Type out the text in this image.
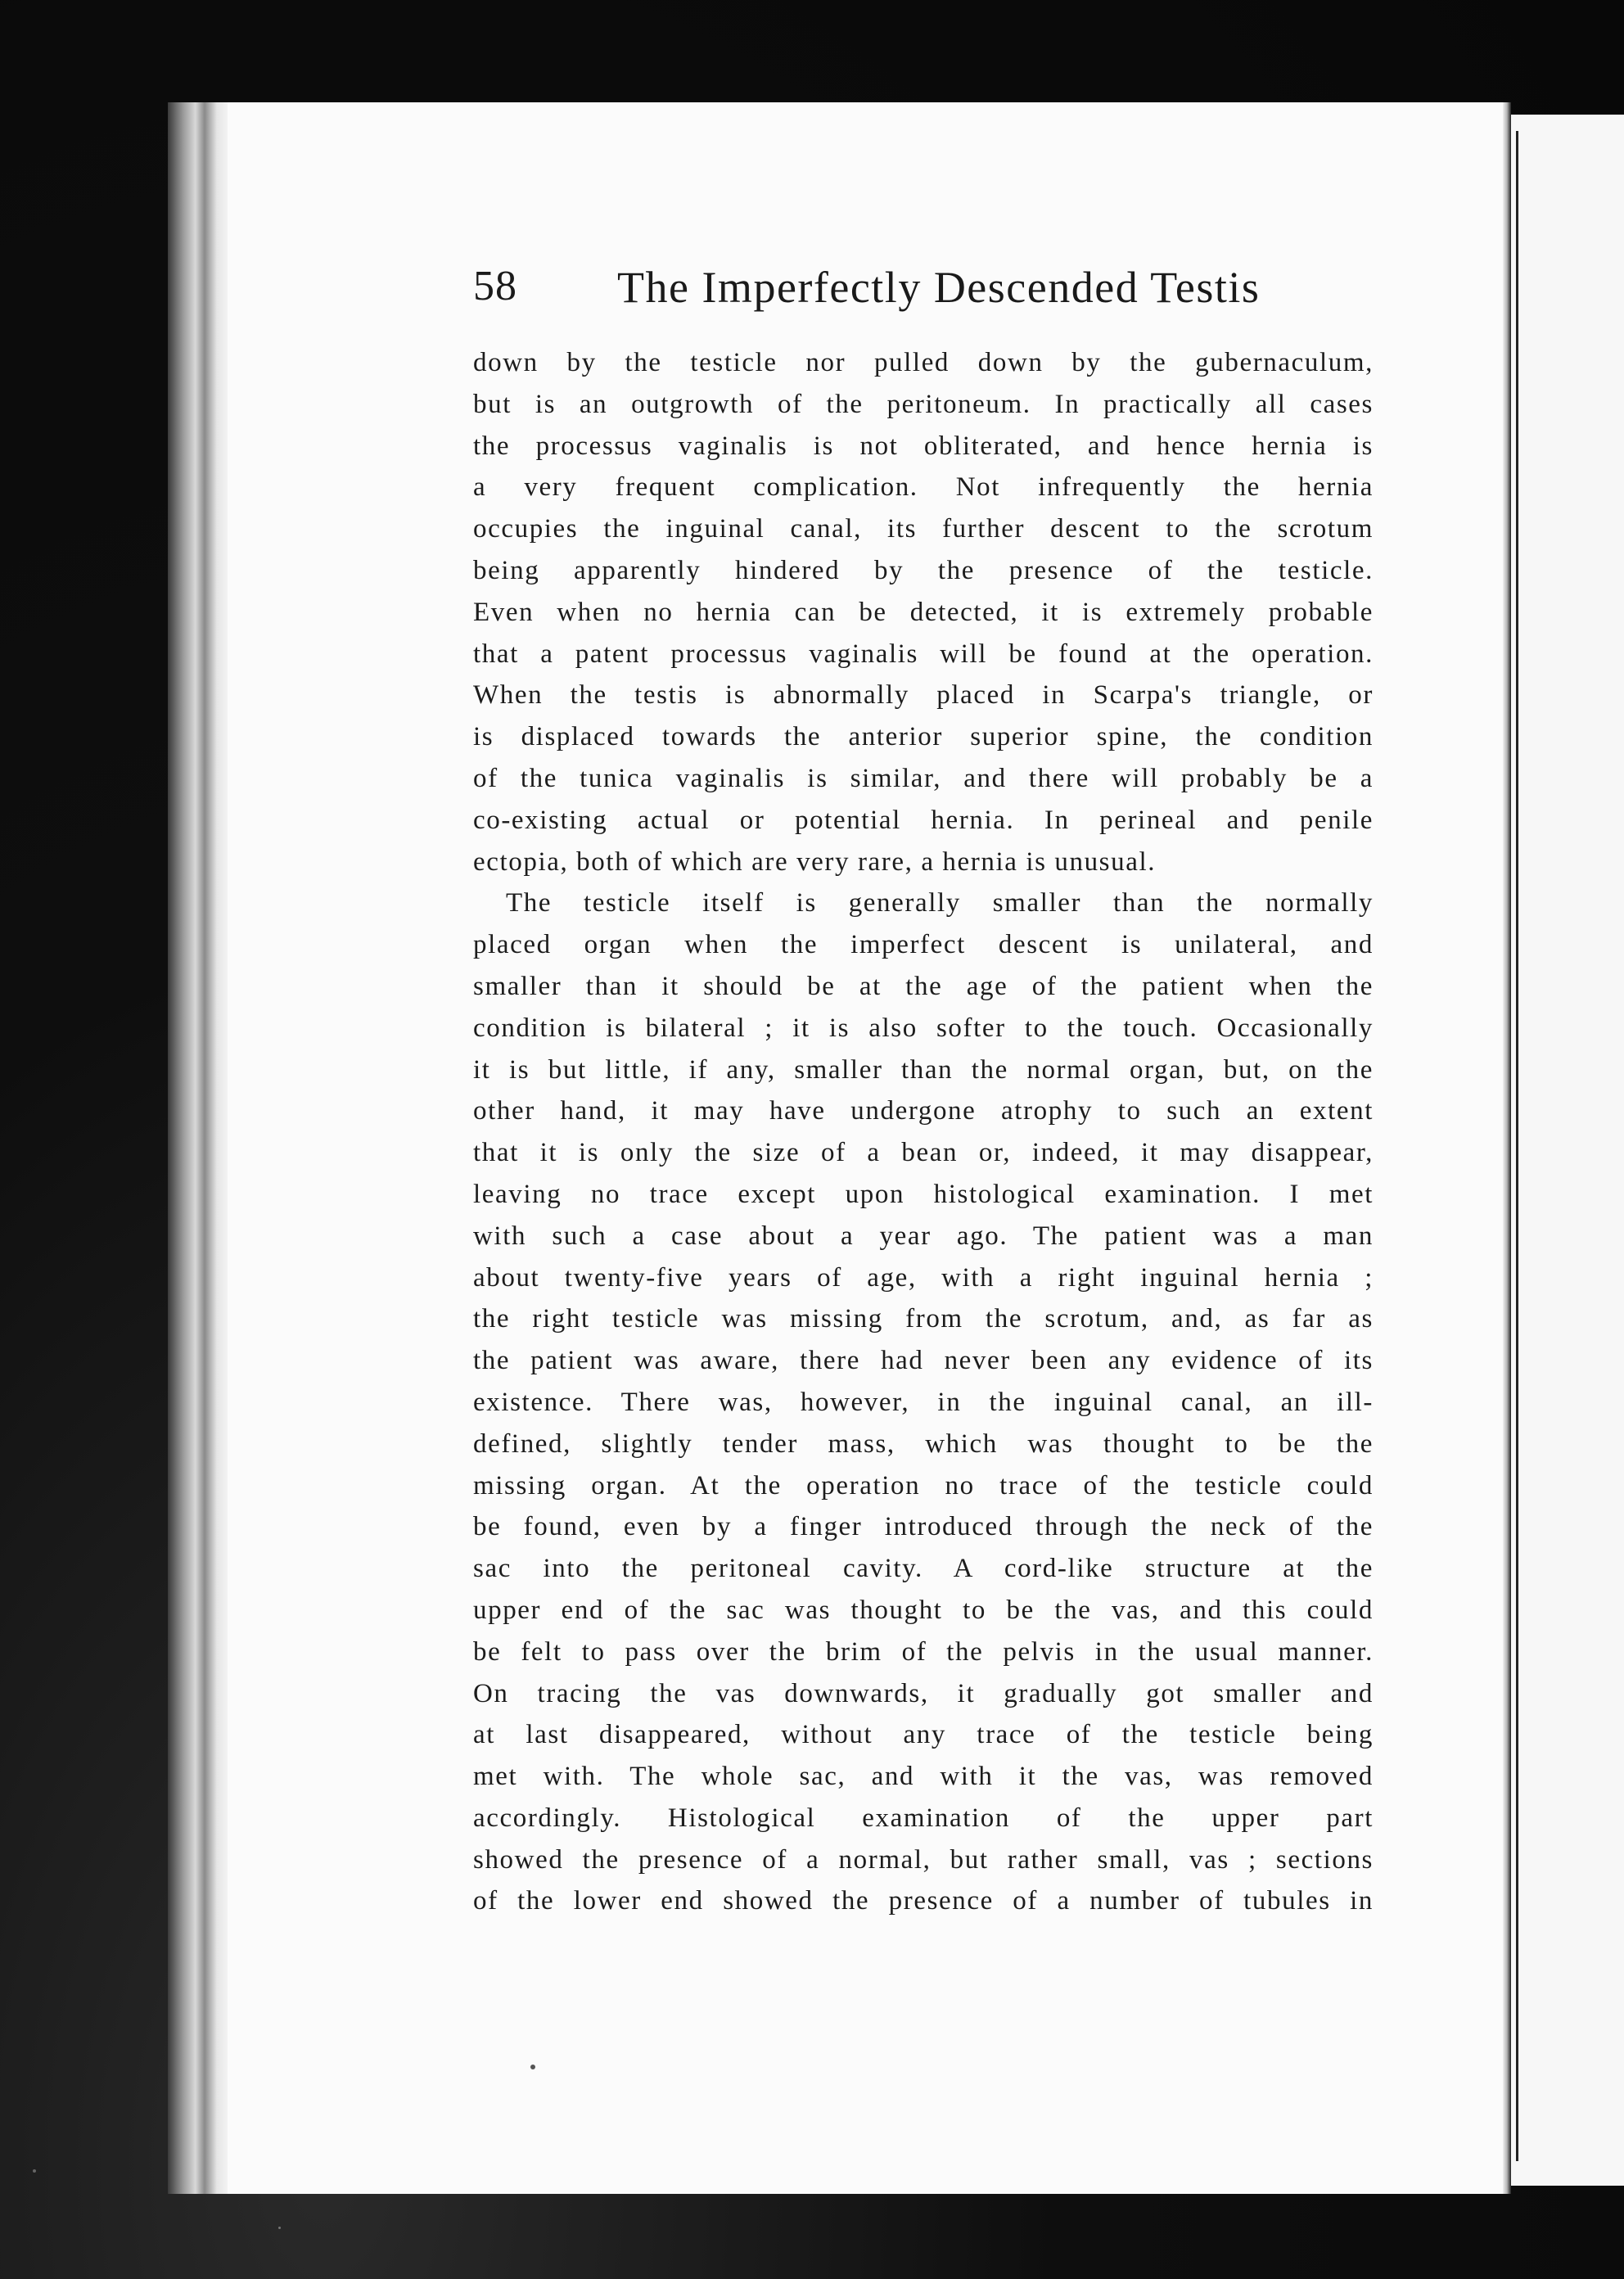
58 The Imperfectly Descended Testis
down by the testicle nor pulled down by the gubernaculum,
but is an outgrowth of the peritoneum. In practically all cases
the processus vaginalis is not obliterated, and hence hernia is
a very frequent complication. Not infrequently the hernia
occupies the inguinal canal, its further descent to the scrotum
being apparently hindered by the presence of the testicle.
Even when no hernia can be detected, it is extremely probable
that a patent processus vaginalis will be found at the operation.
When the testis is abnormally placed in Scarpa's triangle, or
is displaced towards the anterior superior spine, the condition
of the tunica vaginalis is similar, and there will probably be a
co-existing actual or potential hernia. In perineal and penile
ectopia, both of which are very rare, a hernia is unusual.
The testicle itself is generally smaller than the normally
placed organ when the imperfect descent is unilateral, and
smaller than it should be at the age of the patient when the
condition is bilateral ; it is also softer to the touch. Occasionally
it is but little, if any, smaller than the normal organ, but, on the
other hand, it may have undergone atrophy to such an extent
that it is only the size of a bean or, indeed, it may disappear,
leaving no trace except upon histological examination. I met
with such a case about a year ago. The patient was a man
about twenty-five years of age, with a right inguinal hernia ;
the right testicle was missing from the scrotum, and, as far as
the patient was aware, there had never been any evidence of its
existence. There was, however, in the inguinal canal, an ill-
defined, slightly tender mass, which was thought to be the
missing organ. At the operation no trace of the testicle could
be found, even by a finger introduced through the neck of the
sac into the peritoneal cavity. A cord-like structure at the
upper end of the sac was thought to be the vas, and this could
be felt to pass over the brim of the pelvis in the usual manner.
On tracing the vas downwards, it gradually got smaller and
at last disappeared, without any trace of the testicle being
met with. The whole sac, and with it the vas, was removed
accordingly. Histological examination of the upper part
showed the presence of a normal, but rather small, vas ; sections
of the lower end showed the presence of a number of tubules in
